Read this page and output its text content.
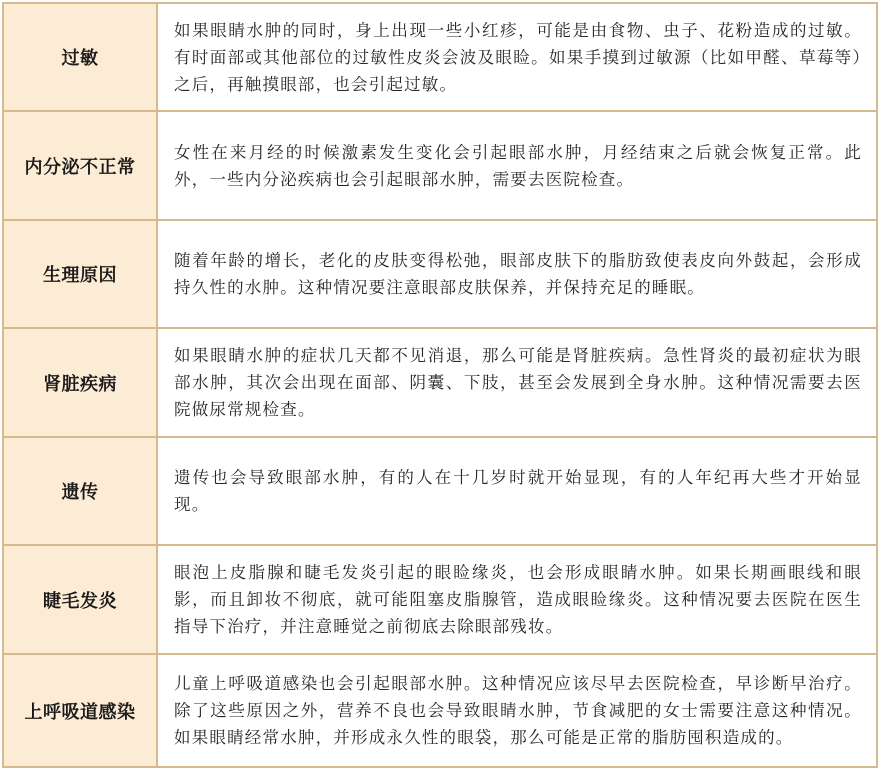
过敏
如果眼睛水肿的同时，身上出现一些小红疹，可能是由食物、虫子、花粉造成的过敏。有时面部或其他部位的过敏性皮炎会波及眼睑。如果手摸到过敏源（比如甲醛、草莓等）之后，再触摸眼部，也会引起过敏。
内分泌不正常
女性在来月经的时候激素发生变化会引起眼部水肿，月经结束之后就会恢复正常。此外，一些内分泌疾病也会引起眼部水肿，需要去医院检查。
生理原因
随着年龄的增长，老化的皮肤变得松弛，眼部皮肤下的脂肪致使表皮向外鼓起，会形成持久性的水肿。这种情况要注意眼部皮肤保养，并保持充足的睡眠。
肾脏疾病
如果眼睛水肿的症状几天都不见消退，那么可能是肾脏疾病。急性肾炎的最初症状为眼部水肿，其次会出现在面部、阴囊、下肢，甚至会发展到全身水肿。这种情况需要去医院做尿常规检查。
遗传
遗传也会导致眼部水肿，有的人在十几岁时就开始显现，有的人年纪再大些才开始显现。
睫毛发炎
眼泡上皮脂腺和睫毛发炎引起的眼睑缘炎，也会形成眼睛水肿。如果长期画眼线和眼影，而且卸妆不彻底，就可能阻塞皮脂腺管，造成眼睑缘炎。这种情况要去医院在医生指导下治疗，并注意睡觉之前彻底去除眼部残妆。
上呼吸道感染
儿童上呼吸道感染也会引起眼部水肿。这种情况应该尽早去医院检查，早诊断早治疗。 除了这些原因之外，营养不良也会导致眼睛水肿，节食减肥的女士需要注意这种情况。如果眼睛经常水肿，并形成永久性的眼袋，那么可能是正常的脂肪囤积造成的。
